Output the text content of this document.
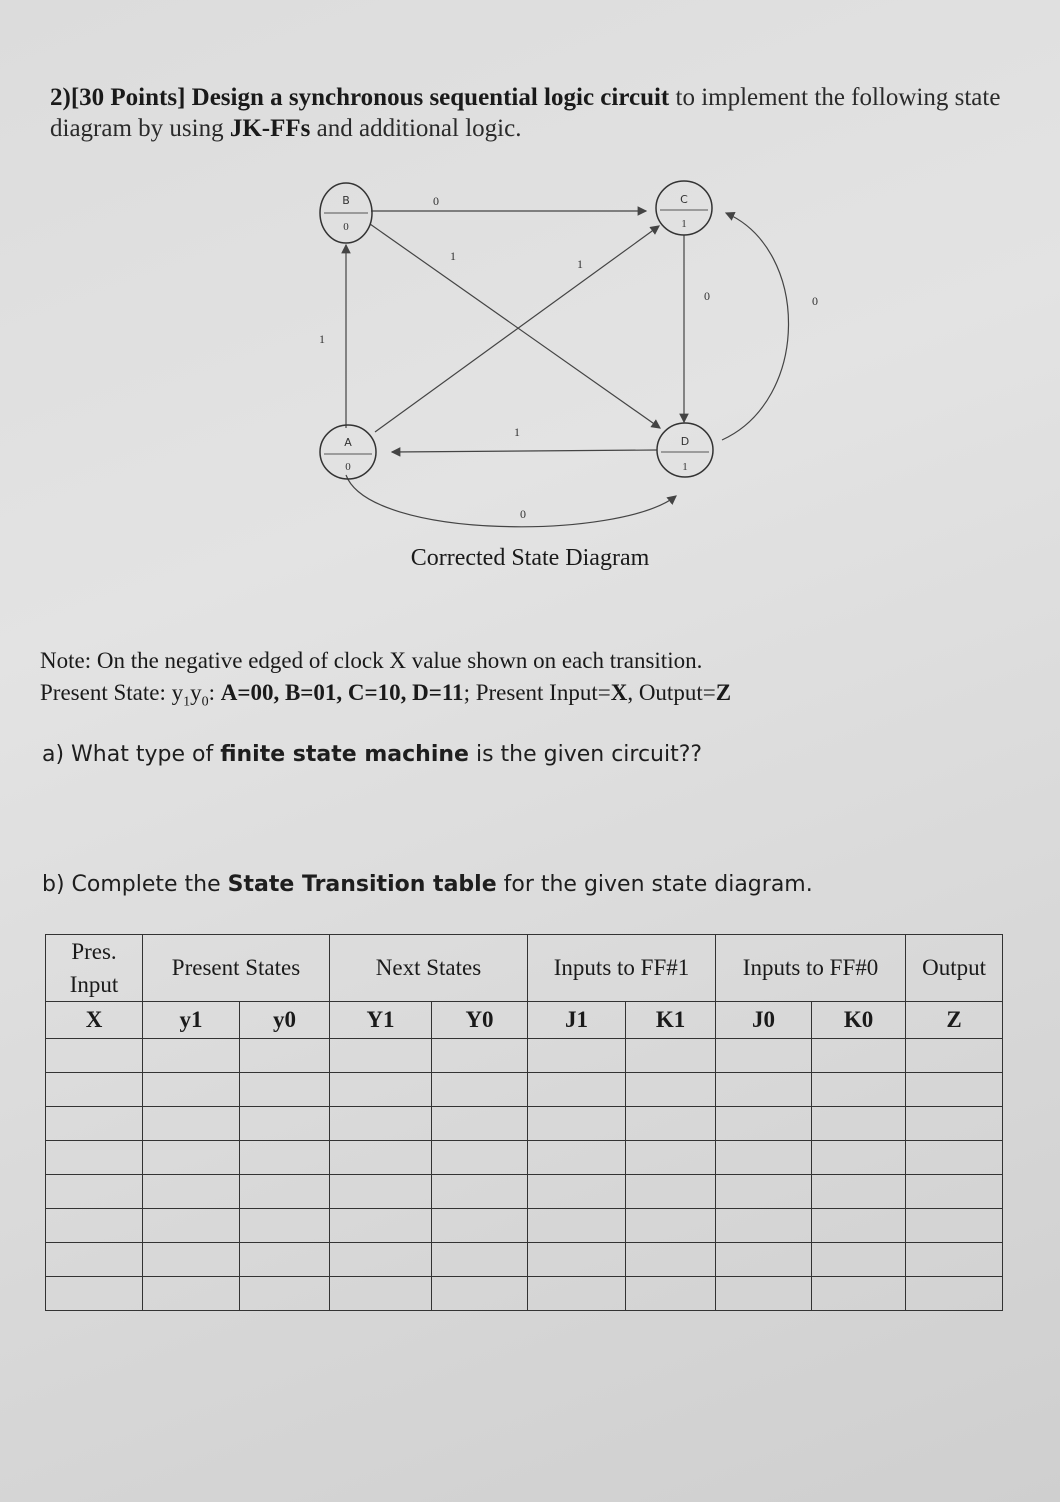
2)[30 Points] Design a synchronous sequential logic circuit to implement the following state diagram by using JK-FFs and additional logic.
B
0
C
1
A
0
D
1
0
1
1
0	0
1
1
0
Corrected State Diagram
Note: On the negative edged of clock X value shown on each transition.
Present State: $y_1y_0$: A=00, B=01, C=10, D=11; Present Input=X, Output=Z
a) What type of finite state machine is the given circuit??
b) Complete the State Transition table for the given state diagram.
Pres.
Input	Present States		Next States		Inputs to FF#1		Inputs to FF#0		Output
X	y1	y0	Y1	Y0	J1	K1	J0	K0	Z
